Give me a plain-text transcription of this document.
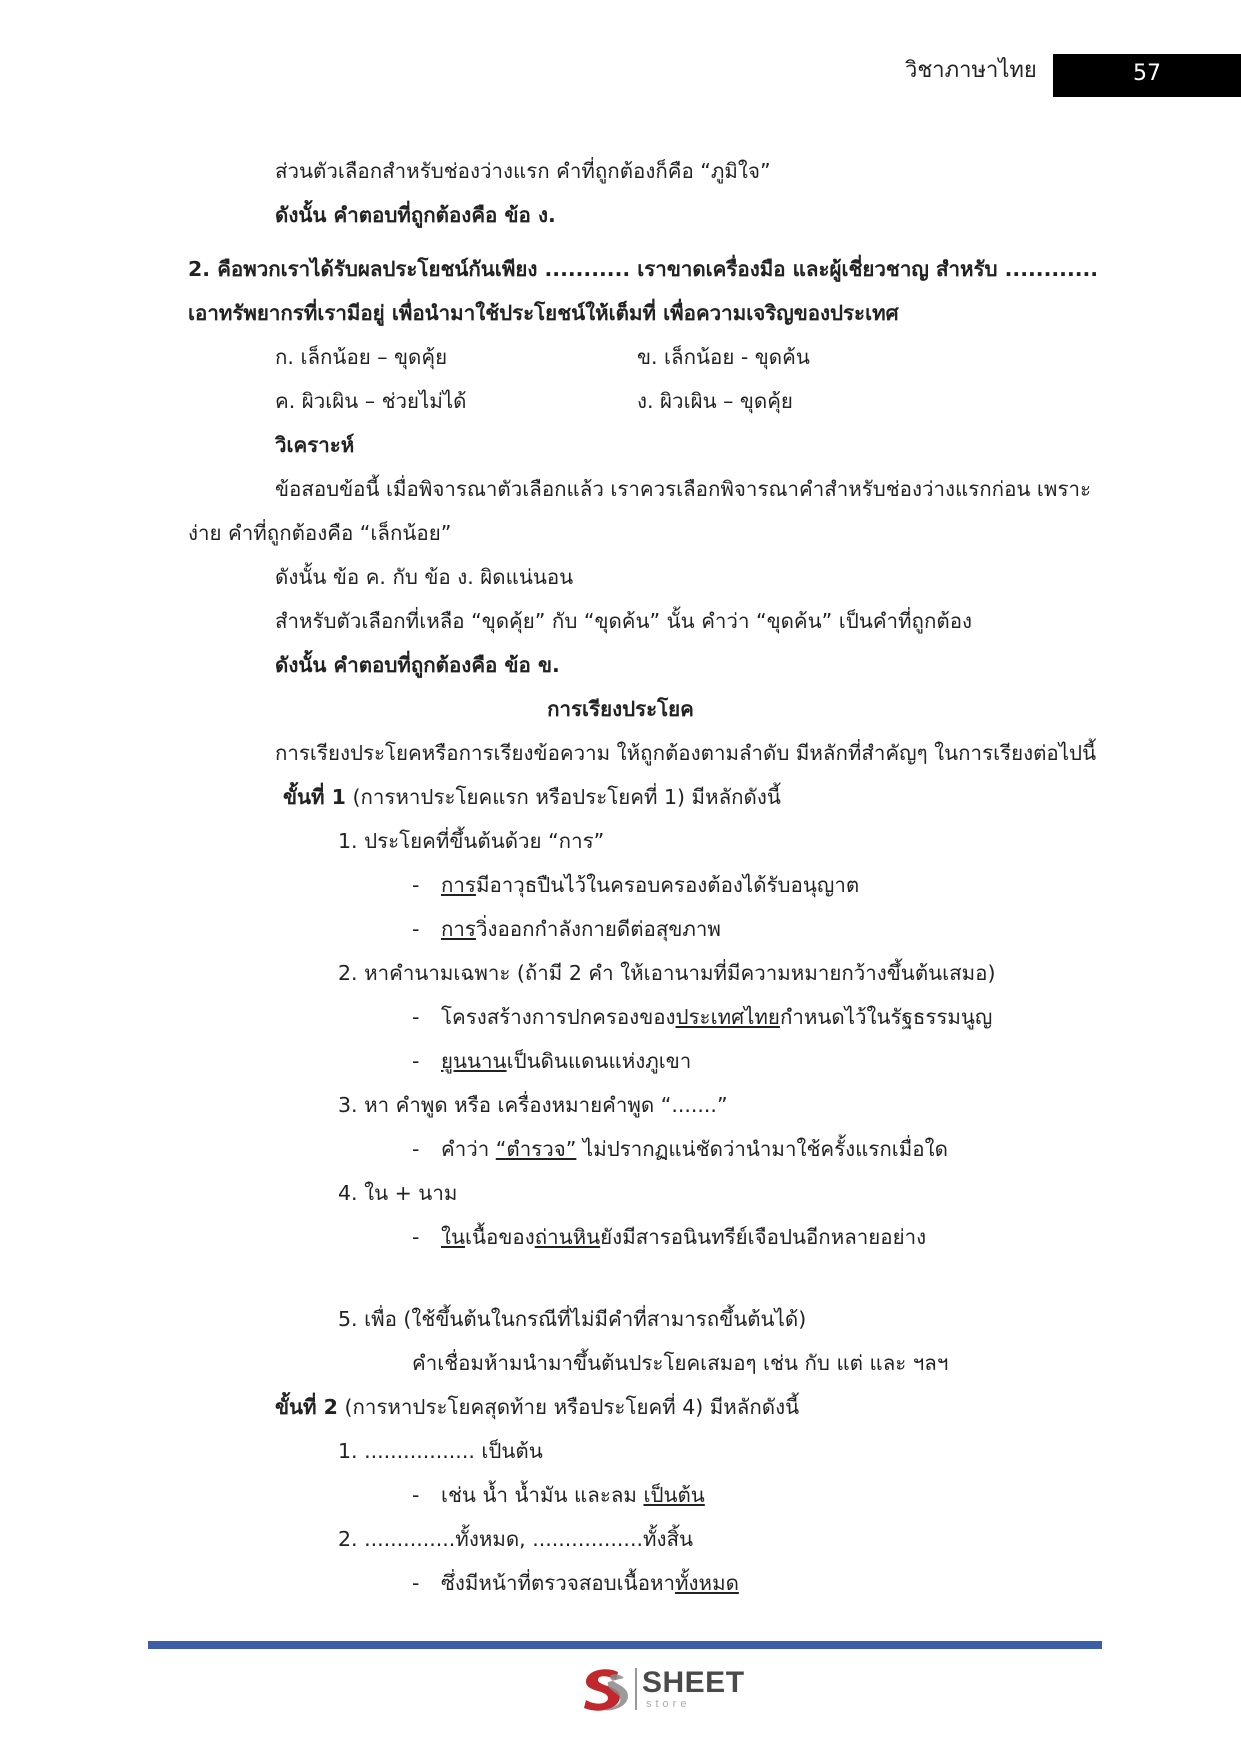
วิชาภาษาไทย	57
ส่วนตัวเลือกสำหรับช่องว่างแรก คำที่ถูกต้องก็คือ “ภูมิใจ”
ดังนั้น คำตอบที่ถูกต้องคือ ข้อ ง.
2. คือพวกเราได้รับผลประโยชน์กันเพียง ........... เราขาดเครื่องมือ และผู้เชี่ยวชาญ สำหรับ ............
เอาทรัพยากรที่เรามีอยู่ เพื่อนำมาใช้ประโยชน์ให้เต็มที่ เพื่อความเจริญของประเทศ
ก. เล็กน้อย – ขุดคุ้ย	ข. เล็กน้อย - ขุดค้น
ค. ผิวเผิน – ช่วยไม่ได้	ง. ผิวเผิน – ขุดคุ้ย
วิเคราะห์
ข้อสอบข้อนี้ เมื่อพิจารณาตัวเลือกแล้ว เราควรเลือกพิจารณาคำสำหรับช่องว่างแรกก่อน เพราะ
ง่าย คำที่ถูกต้องคือ “เล็กน้อย”
ดังนั้น ข้อ ค. กับ ข้อ ง. ผิดแน่นอน
สำหรับตัวเลือกที่เหลือ “ขุดคุ้ย” กับ “ขุดค้น” นั้น คำว่า “ขุดค้น” เป็นคำที่ถูกต้อง
ดังนั้น คำตอบที่ถูกต้องคือ ข้อ ข.
การเรียงประโยค
การเรียงประโยคหรือการเรียงข้อความ ให้ถูกต้องตามลำดับ มีหลักที่สำคัญๆ ในการเรียงต่อไปนี้
ขั้นที่ 1 (การหาประโยคแรก หรือประโยคที่ 1) มีหลักดังนี้
1. ประโยคที่ขึ้นต้นด้วย “การ”
- การมีอาวุธปืนไว้ในครอบครองต้องได้รับอนุญาต
- การวิ่งออกกำลังกายดีต่อสุขภาพ
2. หาคำนามเฉพาะ (ถ้ามี 2 คำ ให้เอานามที่มีความหมายกว้างขึ้นต้นเสมอ)
- โครงสร้างการปกครองของประเทศไทยกำหนดไว้ในรัฐธรรมนูญ
- ยูนนานเป็นดินแดนแห่งภูเขา
3. หา คำพูด หรือ เครื่องหมายคำพูด “.......”
- คำว่า “ตำรวจ” ไม่ปรากฏแน่ชัดว่านำมาใช้ครั้งแรกเมื่อใด
4. ใน + นาม
- ในเนื้อของถ่านหินยังมีสารอนินทรีย์เจือปนอีกหลายอย่าง
5. เพื่อ (ใช้ขึ้นต้นในกรณีที่ไม่มีคำที่สามารถขึ้นต้นได้)
คำเชื่อมห้ามนำมาขึ้นต้นประโยคเสมอๆ เช่น กับ แต่ และ ฯลฯ
ขั้นที่ 2 (การหาประโยคสุดท้าย หรือประโยคที่ 4) มีหลักดังนี้
1. ................. เป็นต้น
- เช่น น้ำ น้ำมัน และลม เป็นต้น
2. ..............ทั้งหมด, .................ทั้งสิ้น
- ซึ่งมีหน้าที่ตรวจสอบเนื้อหาทั้งหมด
SHEET
store
